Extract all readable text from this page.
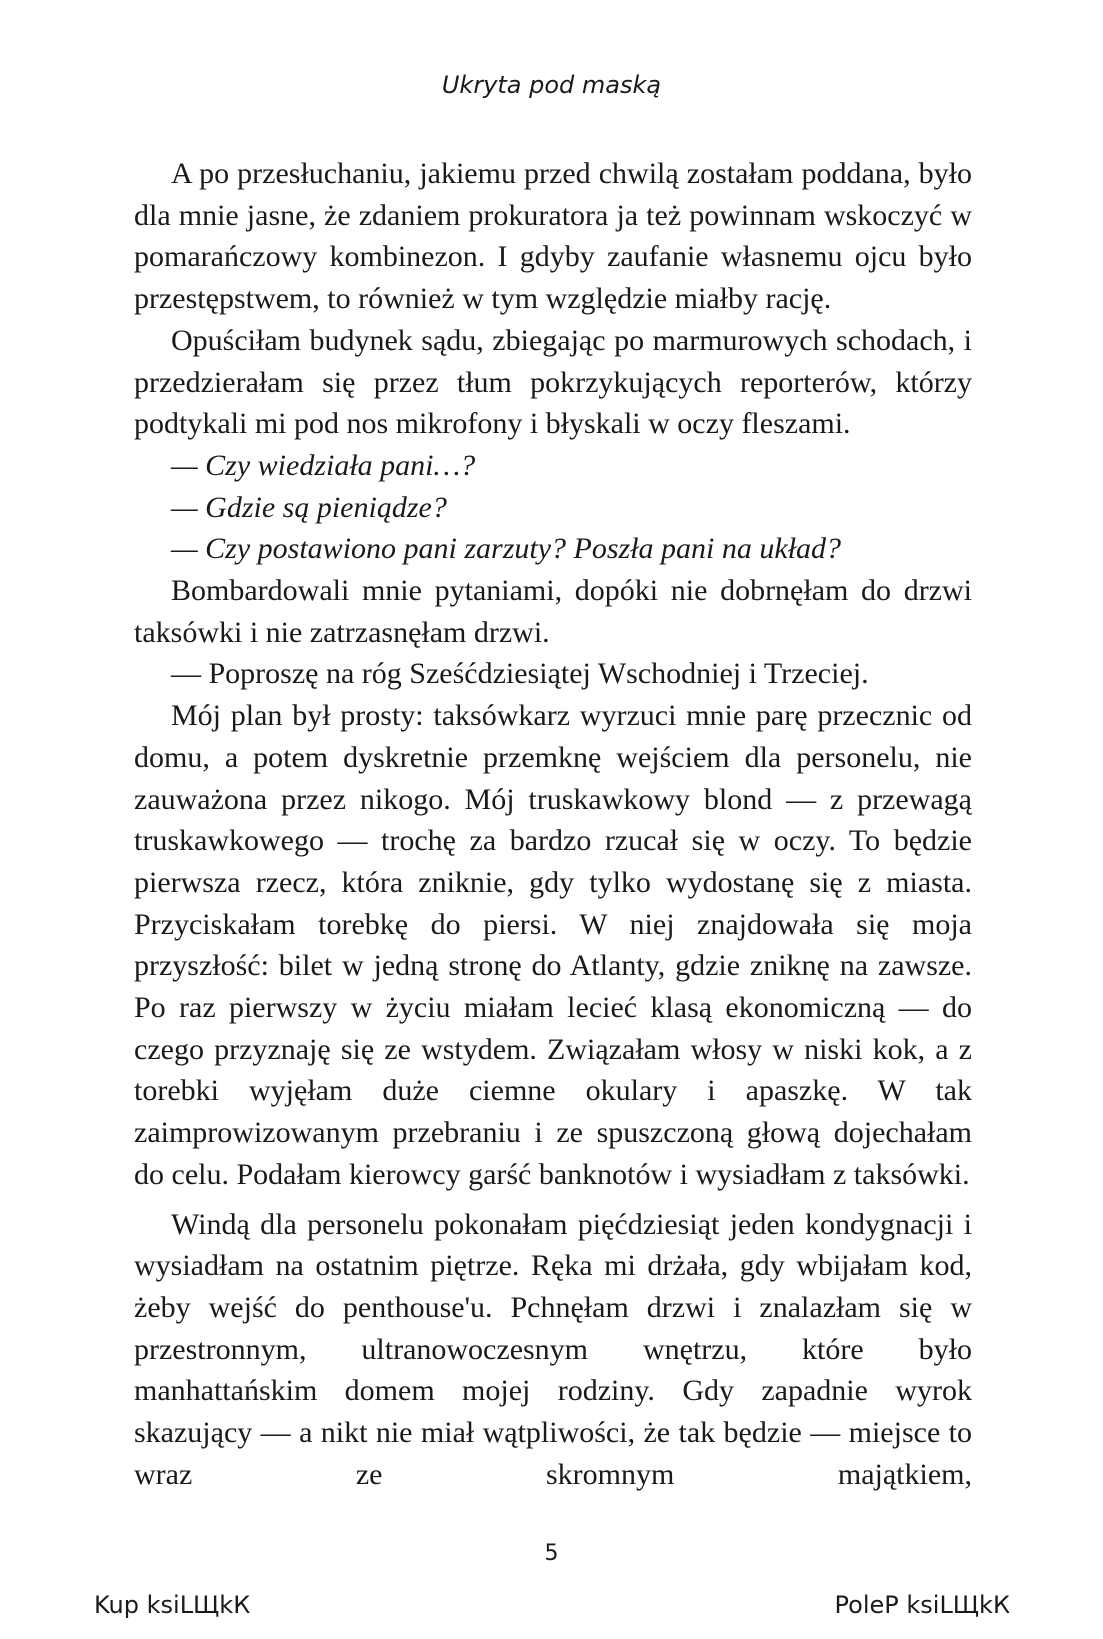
Ukryta pod maską

A po przesłuchaniu, jakiemu przed chwilą zostałam poddana, było dla mnie jasne, że zdaniem prokuratora ja też powinnam wskoczyć w pomarańczowy kombinezon. I gdyby zaufanie własnemu ojcu było przestępstwem, to również w tym względzie miałby rację.

Opuściłam budynek sądu, zbiegając po marmurowych schodach, i przedzierałam się przez tłum pokrzykujących reporterów, którzy podtykali mi pod nos mikrofony i błyskali w oczy fleszami.

— Czy wiedziała pani…?

— Gdzie są pieniądze?

— Czy postawiono pani zarzuty? Poszła pani na układ?

Bombardowali mnie pytaniami, dopóki nie dobrnęłam do drzwi taksówki i nie zatrzasnęłam drzwi.

— Poproszę na róg Sześćdziesiątej Wschodniej i Trzeciej.

Mój plan był prosty: taksówkarz wyrzuci mnie parę przecznic od domu, a potem dyskretnie przemknę wejściem dla personelu, nie zauważona przez nikogo. Mój truskawkowy blond — z przewagą truskawkowego — trochę za bardzo rzucał się w oczy. To będzie pierwsza rzecz, która zniknie, gdy tylko wydostanę się z miasta. Przyciskałam torebkę do piersi. W niej znajdowała się moja przyszłość: bilet w jedną stronę do Atlanty, gdzie zniknę na zawsze. Po raz pierwszy w życiu miałam lecieć klasą ekonomiczną — do czego przyznaję się ze wstydem. Związałam włosy w niski kok, a z torebki wyjęłam duże ciemne okulary i apaszkę. W tak zaimprowizowanym przebraniu i ze spuszczoną głową dojechałam do celu. Podałam kierowcy garść banknotów i wysiadłam z taksówki.

Windą dla personelu pokonałam pięćdziesiąt jeden kondygnacji i wysiadłam na ostatnim piętrze. Ręka mi drżała, gdy wbijałam kod, żeby wejść do penthouse'u. Pchnęłam drzwi i znalazłam się w przestronnym, ultranowoczesnym wnętrzu, które było manhattańskim domem mojej rodziny. Gdy zapadnie wyrok skazujący — a nikt nie miał wątpliwości, że tak będzie — miejsce to wraz ze skromnym majątkiem,

5
Kup ksiLЩkК	PoleР ksiLЩkК
